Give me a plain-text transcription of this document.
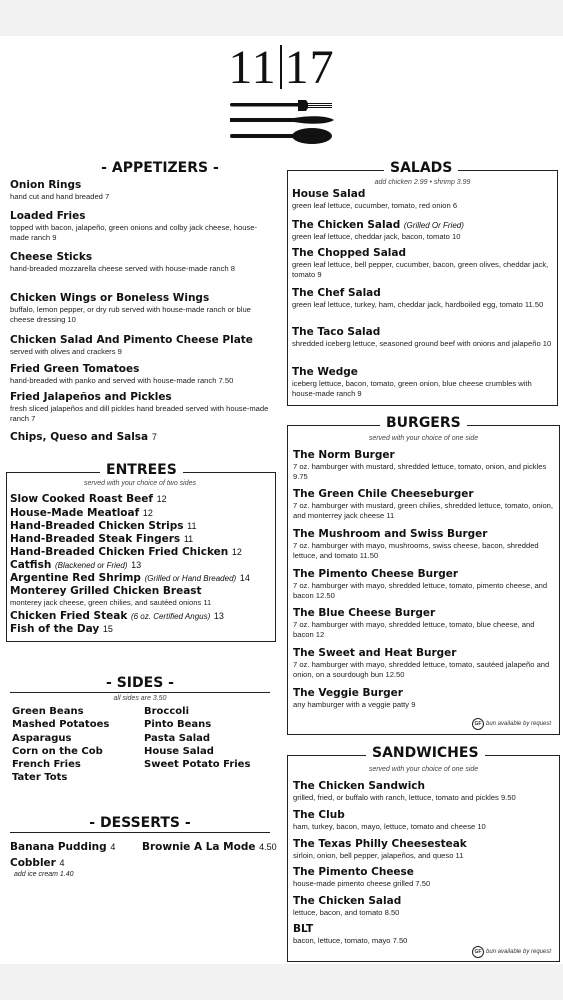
11 17
- APPETIZERS -
Onion Rings
hand cut and hand breaded 7
Loaded Fries
topped with bacon, jalapeño, green onions and colby jack cheese, house-made ranch 9
Cheese Sticks
hand-breaded mozzarella cheese served with house-made ranch 8
Chicken Wings or Boneless Wings
buffalo, lemon pepper, or dry rub served with house-made ranch or blue cheese dressing 10
Chicken Salad And Pimento Cheese Plate
served with olives and crackers 9
Fried Green Tomatoes
hand-breaded with panko and served with house-made ranch 7.50
Fried Jalapeños and Pickles
fresh sliced jalapeños and dill pickles hand breaded served with house-made ranch 7
Chips, Queso and Salsa 7
ENTREES
served with your choice of two sides
Slow Cooked Roast Beef 12
House-Made Meatloaf 12
Hand-Breaded Chicken Strips 11
Hand-Breaded Steak Fingers 11
Hand-Breaded Chicken Fried Chicken 12
Catfish (Blackened or Fried) 13
Argentine Red Shrimp (Grilled or Hand Breaded) 14
Monterey Grilled Chicken Breast
monterey jack cheese, green chilies, and sautéed onions 11
Chicken Fried Steak (6 oz. Certified Angus) 13
Fish of the Day 15
- SIDES -
all sides are 3.50
Green Beans
Mashed Potatoes
Asparagus
Corn on the Cob
French Fries
Tater Tots
Broccoli
Pinto Beans
Pasta Salad
House Salad
Sweet Potato Fries
- DESSERTS -
Banana Pudding 4
Cobbler 4
add ice cream 1.40
Brownie A La Mode 4.50
SALADS
add chicken 2.99 • shrimp 3.99
House Salad
green leaf lettuce, cucumber, tomato, red onion 6
The Chicken Salad (Grilled Or Fried)
green leaf lettuce, cheddar jack, bacon, tomato 10
The Chopped Salad
green leaf lettuce, bell pepper, cucumber, bacon, green olives, cheddar jack, tomato 9
The Chef Salad
green leaf lettuce, turkey, ham, cheddar jack, hardboiled egg, tomato 11.50
The Taco Salad
shredded iceberg lettuce, seasoned ground beef with onions and jalapeño 10
The Wedge
iceberg lettuce, bacon, tomato, green onion, blue cheese crumbles with house-made ranch 9
BURGERS
served with your choice of one side
The Norm Burger
7 oz. hamburger with mustard, shredded lettuce, tomato, onion, and pickles 9.75
The Green Chile Cheeseburger
7 oz. hamburger with mustard, green chilies, shredded lettuce, tomato, onion, and monterrey jack cheese 11
The Mushroom and Swiss Burger
7 oz. hamburger with mayo, mushrooms, swiss cheese, bacon, shredded lettuce, and tomato 11.50
The Pimento Cheese Burger
7 oz. hamburger with mayo, shredded lettuce, tomato, pimento cheese, and bacon 12.50
The Blue Cheese Burger
7 oz. hamburger with mayo, shredded lettuce, tomato, blue cheese, and bacon 12
The Sweet and Heat Burger
7 oz. hamburger with mayo, shredded lettuce, tomato, sautéed jalapeño and onion, on a sourdough bun 12.50
The Veggie Burger
any hamburger with a veggie patty 9
GF bun available by request
SANDWICHES
served with your choice of one side
The Chicken Sandwich
grilled, fried, or buffalo with ranch, lettuce, tomato and pickles 9.50
The Club
ham, turkey, bacon, mayo, lettuce, tomato and cheese 10
The Texas Philly Cheesesteak
sirloin, onion, bell pepper, jalapeños, and queso 11
The Pimento Cheese
house-made pimento cheese grilled 7.50
The Chicken Salad
lettuce, bacon, and tomato 8.50
BLT
bacon, lettuce, tomato, mayo 7.50
GF bun available by request
